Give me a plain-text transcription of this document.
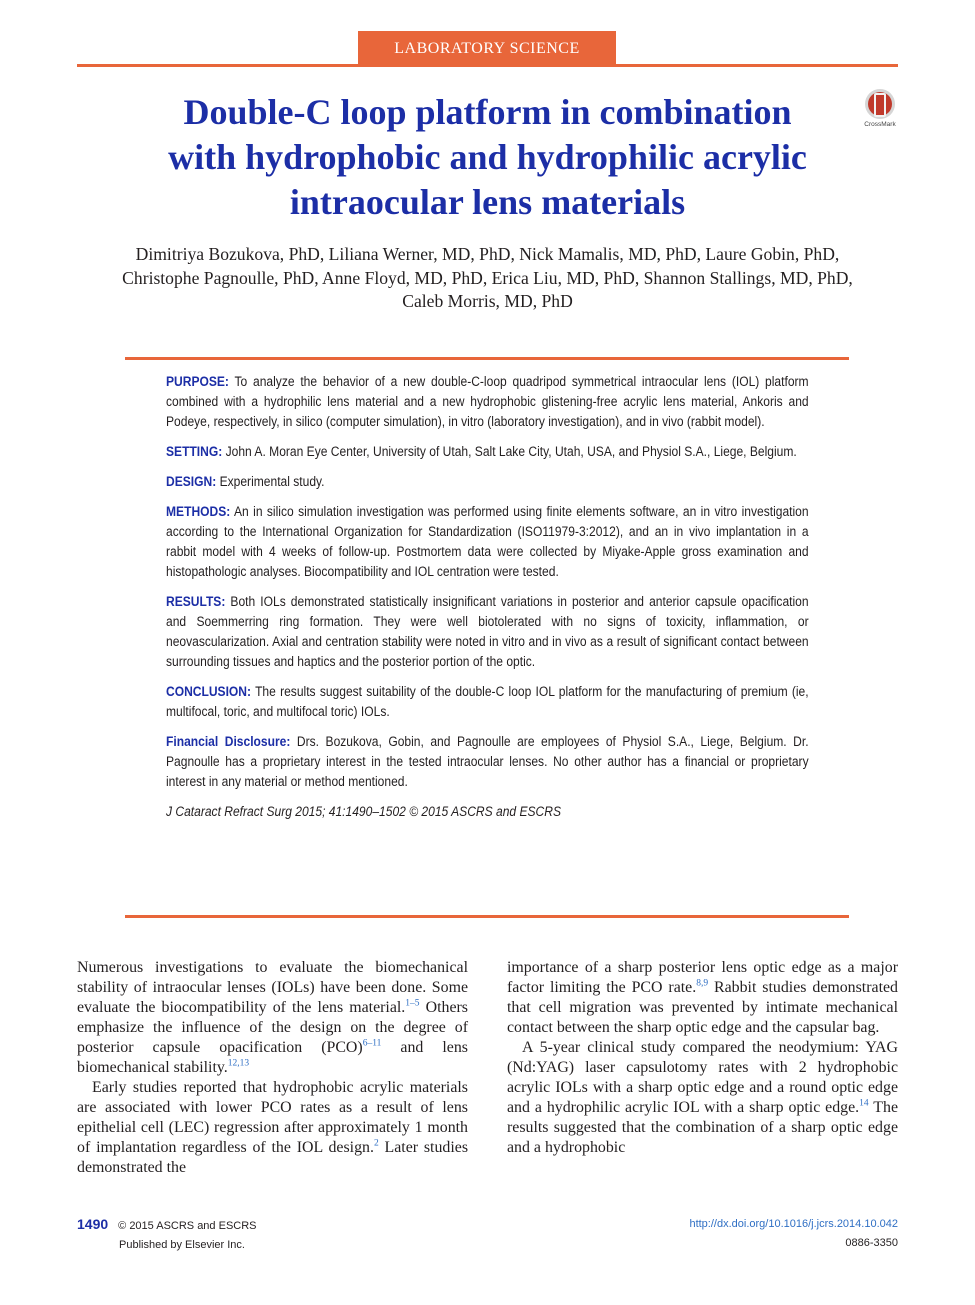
LABORATORY SCIENCE
CrossMark
Double-C loop platform in combination
with hydrophobic and hydrophilic acrylic
intraocular lens materials
Dimitriya Bozukova, PhD, Liliana Werner, MD, PhD, Nick Mamalis, MD, PhD, Laure Gobin, PhD,
Christophe Pagnoulle, PhD, Anne Floyd, MD, PhD, Erica Liu, MD, PhD, Shannon Stallings, MD, PhD,
Caleb Morris, MD, PhD

PURPOSE: To analyze the behavior of a new double-C-loop quadripod symmetrical intraocular lens (IOL) platform combined with a hydrophilic lens material and a new hydrophobic glistening-free acrylic lens material, Ankoris and Podeye, respectively, in silico (computer simulation), in vitro (laboratory investigation), and in vivo (rabbit model).

SETTING: John A. Moran Eye Center, University of Utah, Salt Lake City, Utah, USA, and Physiol S.A., Liege, Belgium.

DESIGN: Experimental study.

METHODS: An in silico simulation investigation was performed using finite elements software, an in vitro investigation according to the International Organization for Standardization (ISO11979-3:2012), and an in vivo implantation in a rabbit model with 4 weeks of follow-up. Postmortem data were collected by Miyake-Apple gross examination and histopathologic analyses. Biocompatibility and IOL centration were tested.

RESULTS: Both IOLs demonstrated statistically insignificant variations in posterior and anterior capsule opacification and Soemmerring ring formation. They were well biotolerated with no signs of toxicity, inflammation, or neovascularization. Axial and centration stability were noted in vitro and in vivo as a result of significant contact between surrounding tissues and haptics and the posterior portion of the optic.

CONCLUSION: The results suggest suitability of the double-C loop IOL platform for the manufacturing of premium (ie, multifocal, toric, and multifocal toric) IOLs.

Financial Disclosure: Drs. Bozukova, Gobin, and Pagnoulle are employees of Physiol S.A., Liege, Belgium. Dr. Pagnoulle has a proprietary interest in the tested intraocular lenses. No other author has a financial or proprietary interest in any material or method mentioned.

J Cataract Refract Surg 2015; 41:1490–1502 © 2015 ASCRS and ESCRS

Numerous investigations to evaluate the biomechanical stability of intraocular lenses (IOLs) have been done. Some evaluate the biocompatibility of the lens material.$^{1-5}$ Others emphasize the influence of the design on the degree of posterior capsule opacification (PCO)$^{6-11}$ and lens biomechanical stability.$^{12,13}$

Early studies reported that hydrophobic acrylic materials are associated with lower PCO rates as a result of lens epithelial cell (LEC) regression after approximately 1 month of implantation regardless of the IOL design.$^2$ Later studies demonstrated the

importance of a sharp posterior lens optic edge as a major factor limiting the PCO rate.$^{8,9}$ Rabbit studies demonstrated that cell migration was prevented by intimate mechanical contact between the sharp optic edge and the capsular bag.

A 5-year clinical study compared the neodymium: YAG (Nd:YAG) laser capsulotomy rates with 2 hydrophobic acrylic IOLs with a sharp optic edge and a round optic edge and a hydrophilic acrylic IOL with a sharp optic edge.$^{14}$ The results suggested that the combination of a sharp optic edge and a hydrophobic

1490 © 2015 ASCRS and ESCRS
Published by Elsevier Inc.
http://dx.doi.org/10.1016/j.jcrs.2014.10.042
0886-3350
